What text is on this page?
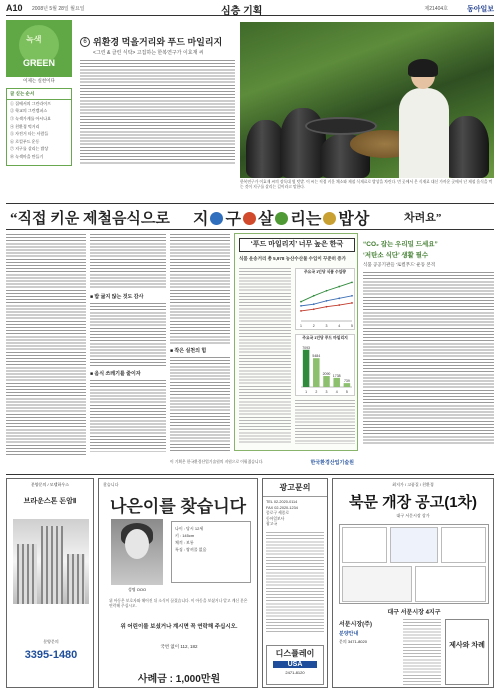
A10 2008년 5월 28일 월요일	심층 기획	제21404호	동아일보
녹색
GREEN
이제는 실천이다
글 싣는 순서
① 집에서의 그린라이프
② 학교의 그린캠퍼스
③ 녹색가게를 아시나요
④ 친환경 먹거리
⑤ 자전거 타는 사람들
⑥ 로컬푸드 운동
⑦ 지구를 살리는 밥상
⑧ 녹색마을 만들기
6 위환경 먹을거리와 푸드 마일리지
<그린 & 클린 식탁> 고집하는 한복연구가 이효재 씨
한복연구가 이효재 씨의 장독대 옆 텃밭. 이 씨는 직접 키운 채소와 제철 식재료로 밥상을 차린다. 먼 곳에서 온 식재료 대신 가까운 곳에서 난 제철 음식을 먹는 것이 지구를 살리는 길이라고 말한다.
“직접 키운 제철음식으로 지 구 살 리는 밥상	차려요”
■ 밥 굶지 않는 것도 감사
■ 음식 쓰레기를 줄이자
■ 작은 실천의 힘
‘푸드 마일리지’ 너무 높은 한국
식품 운송거리 총 5,978 농산수산물 수입이 꾸준히 증가
주요국 1인당 식품 수입량
1	2	3	4	5
주요국 1인당 푸드 마일리지
7093
1
5484
2
2090
3
1738
4
739
5
“CO₂ 잡는 우리밀 드세요”
‘저탄소 식단’ 생활 필수
식품 공공기관들 ‘로컬푸드’ 운동 본격
이 기획은 한국환경산업기술원의 지원으로 이뤄졌습니다.	한국환경산업기술원
분양문의 / 모델하우스
브라운스톤 돈암Ⅱ
분양문의
3395-1480
찾습니다
나은이를 찾습니다
성명 OOO
나이 : 당시 12세
키 : 145cm
체격 : 보통
특징 : 쌍꺼풀 없음
위 아동은 보호자와 헤어진 뒤 소식이 끊겼습니다. 이 아동을 보셨거나 알고 계신 분은 연락해 주십시오.
위 어린이를 보셨거나 계시면 꼭 연락해 주십시오.
국번 없이 112, 182
사례금 : 1,000만원
광고문의
TEL 02-2020-0114
FAX 02-2020-1234
종로구 세종로
동아일보사
광고국
디스플레이
USA
2471-8120
최저가 / 고품질 / 친환경
북문 개장 공고(1차)
대구 서문시장 상가
대구 서문시장 4지구
서문시장(주)
분양안내
문의 3471-8020
제사와 차례
